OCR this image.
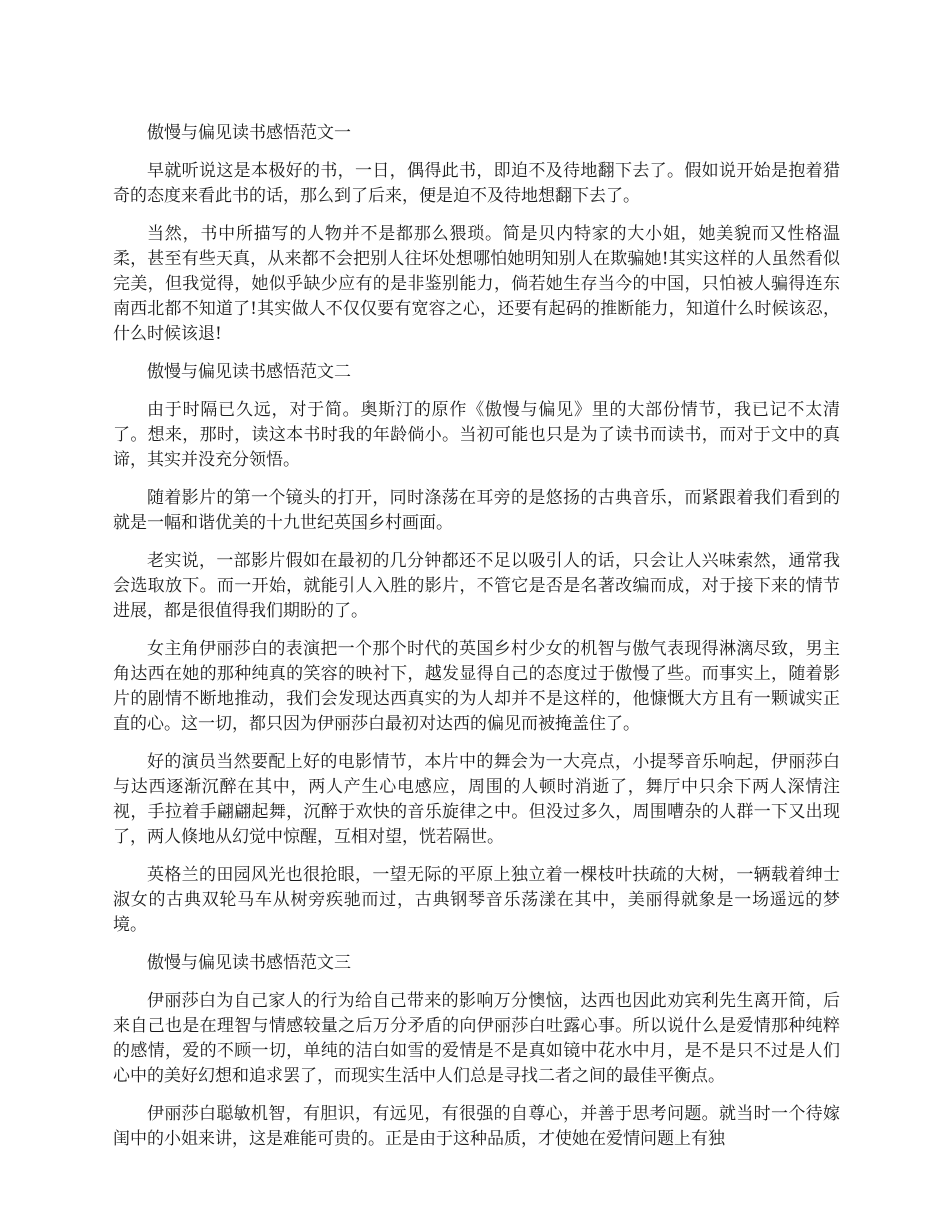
傲慢与偏见读书感悟范文一

早就听说这是本极好的书，一日，偶得此书，即迫不及待地翻下去了。假如说开始是抱着猎奇的态度来看此书的话，那么到了后来，便是迫不及待地想翻下去了。

当然，书中所描写的人物并不是都那么猥琐。简是贝内特家的大小姐，她美貌而又性格温柔，甚至有些天真，从来都不会把别人往坏处想哪怕她明知别人在欺骗她!其实这样的人虽然看似完美，但我觉得，她似乎缺少应有的是非鉴别能力，倘若她生存当今的中国，只怕被人骗得连东南西北都不知道了!其实做人不仅仅要有宽容之心，还要有起码的推断能力，知道什么时候该忍，什么时候该退!

傲慢与偏见读书感悟范文二

由于时隔已久远，对于简。奥斯汀的原作《傲慢与偏见》里的大部份情节，我已记不太清了。想来，那时，读这本书时我的年龄倘小。当初可能也只是为了读书而读书，而对于文中的真谛，其实并没充分领悟。

随着影片的第一个镜头的打开，同时涤荡在耳旁的是悠扬的古典音乐，而紧跟着我们看到的就是一幅和谐优美的十九世纪英国乡村画面。

老实说，一部影片假如在最初的几分钟都还不足以吸引人的话，只会让人兴味索然，通常我会选取放下。而一开始，就能引人入胜的影片，不管它是否是名著改编而成，对于接下来的情节进展，都是很值得我们期盼的了。

女主角伊丽莎白的表演把一个那个时代的英国乡村少女的机智与傲气表现得淋漓尽致，男主角达西在她的那种纯真的笑容的映衬下，越发显得自己的态度过于傲慢了些。而事实上，随着影片的剧情不断地推动，我们会发现达西真实的为人却并不是这样的，他慷慨大方且有一颗诚实正直的心。这一切，都只因为伊丽莎白最初对达西的偏见而被掩盖住了。

好的演员当然要配上好的电影情节，本片中的舞会为一大亮点，小提琴音乐响起，伊丽莎白与达西逐渐沉醉在其中，两人产生心电感应，周围的人顿时消逝了，舞厅中只余下两人深情注视，手拉着手翩翩起舞，沉醉于欢快的音乐旋律之中。但没过多久，周围嘈杂的人群一下又出现了，两人倏地从幻觉中惊醒，互相对望，恍若隔世。

英格兰的田园风光也很抢眼，一望无际的平原上独立着一棵枝叶扶疏的大树，一辆载着绅士淑女的古典双轮马车从树旁疾驰而过，古典钢琴音乐荡漾在其中，美丽得就象是一场遥远的梦境。

傲慢与偏见读书感悟范文三

伊丽莎白为自己家人的行为给自己带来的影响万分懊恼，达西也因此劝宾利先生离开简，后来自己也是在理智与情感较量之后万分矛盾的向伊丽莎白吐露心事。所以说什么是爱情那种纯粹的感情，爱的不顾一切，单纯的洁白如雪的爱情是不是真如镜中花水中月，是不是只不过是人们心中的美好幻想和追求罢了，而现实生活中人们总是寻找二者之间的最佳平衡点。

伊丽莎白聪敏机智，有胆识，有远见，有很强的自尊心，并善于思考问题。就当时一个待嫁闺中的小姐来讲，这是难能可贵的。正是由于这种品质，才使她在爱情问题上有独
